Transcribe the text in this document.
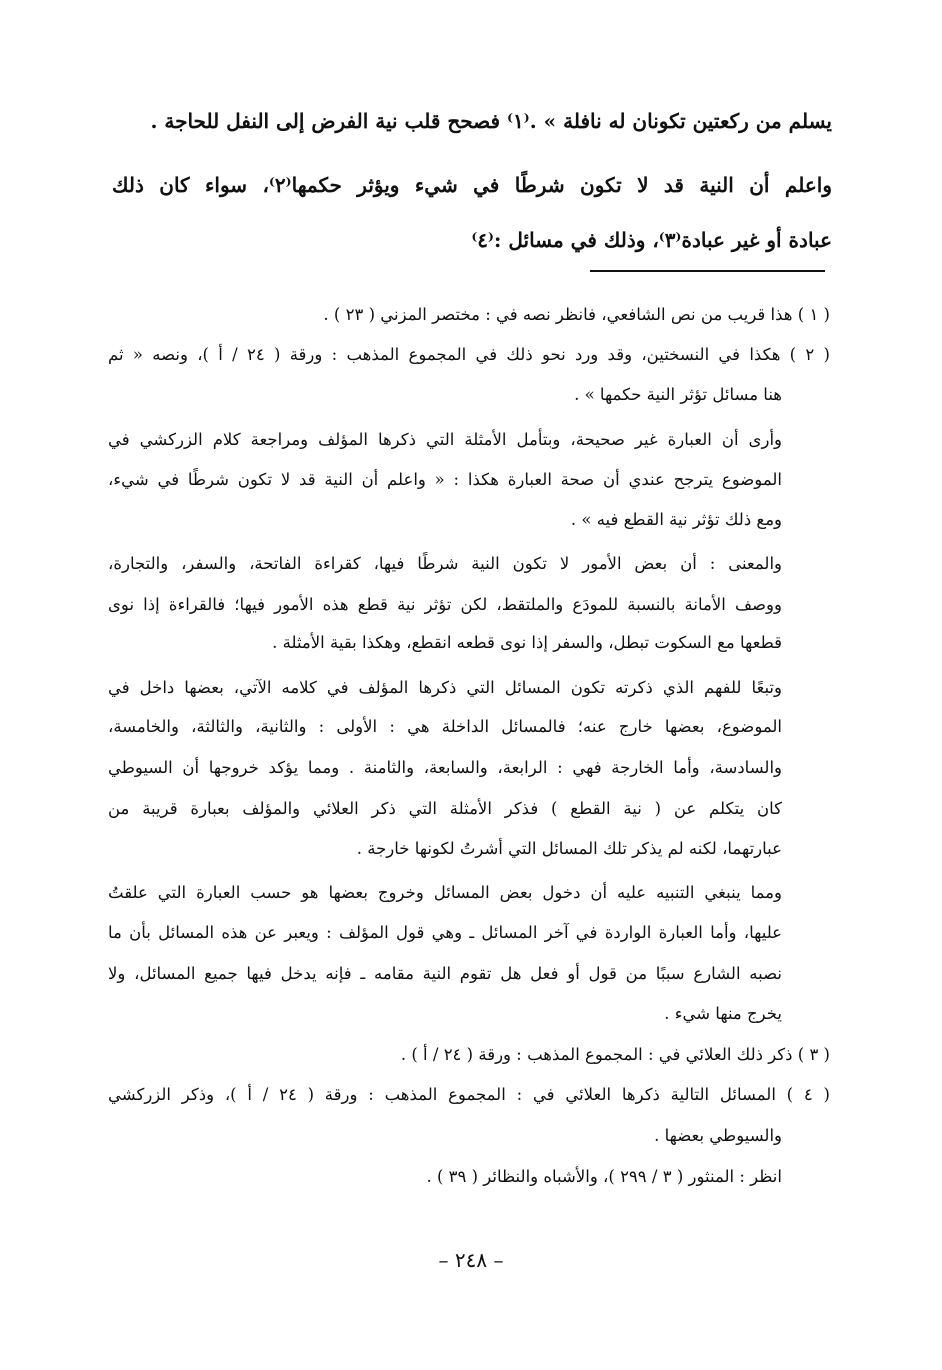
يسلم من ركعتين تكونان له نافلة » .⁽١⁾ فصحح قلب نية الفرض إلى النفل للحاجة .
واعلم أن النية قد لا تكون شرطًا في شيء ويؤثر حكمها⁽٢⁾، سواء كان ذلك
عبادة أو غير عبادة⁽٣⁾، وذلك في مسائل :⁽٤⁾
( ١ ) هذا قريب من نص الشافعي، فانظر نصه في : مختصر المزني ( ٢٣ ) .
( ٢ ) هكذا في النسختين، وقد ورد نحو ذلك في المجموع المذهب : ورقة ( ٢٤ / أ )، ونصه « ثم
هنا مسائل تؤثر النية حكمها » .
وأرى أن العبارة غير صحيحة، وبتأمل الأمثلة التي ذكرها المؤلف ومراجعة كلام الزركشي في
الموضوع يترجح عندي أن صحة العبارة هكذا : « واعلم أن النية قد لا تكون شرطًا في شيء،
ومع ذلك تؤثر نية القطع فيه » .
والمعنى : أن بعض الأمور لا تكون النية شرطًا فيها، كقراءة الفاتحة، والسفر، والتجارة،
ووصف الأمانة بالنسبة للمودَع والملتقط، لكن تؤثر نية قطع هذه الأمور فيها؛ فالقراءة إذا نوى
قطعها مع السكوت تبطل، والسفر إذا نوى قطعه انقطع، وهكذا بقية الأمثلة .
وتبعًا للفهم الذي ذكرته تكون المسائل التي ذكرها المؤلف في كلامه الآتي، بعضها داخل في
الموضوع، بعضها خارج عنه؛ فالمسائل الداخلة هي : الأولى : والثانية، والثالثة، والخامسة،
والسادسة، وأما الخارجة فهي : الرابعة، والسابعة، والثامنة . ومما يؤكد خروجها أن السيوطي
كان يتكلم عن ( نية القطع ) فذكر الأمثلة التي ذكر العلائي والمؤلف بعبارة قريبة من
عبارتهما، لكنه لم يذكر تلك المسائل التي أشرتُ لكونها خارجة .
ومما ينبغي التنبيه عليه أن دخول بعض المسائل وخروج بعضها هو حسب العبارة التي علقتُ
عليها، وأما العبارة الواردة في آخر المسائل ـ وهي قول المؤلف : ويعبر عن هذه المسائل بأن ما
نصبه الشارع سببًا من قول أو فعل هل تقوم النية مقامه ـ فإنه يدخل فيها جميع المسائل، ولا
يخرج منها شيء .
( ٣ ) ذكر ذلك العلائي في : المجموع المذهب : ورقة ( ٢٤ / أ ) .
( ٤ ) المسائل التالية ذكرها العلائي في : المجموع المذهب : ورقة ( ٢٤ / أ )، وذكر الزركشي
والسيوطي بعضها .
انظر : المنثور ( ٣ / ٢٩٩ )، والأشباه والنظائر ( ٣٩ ) .
– ٢٤٨ –
